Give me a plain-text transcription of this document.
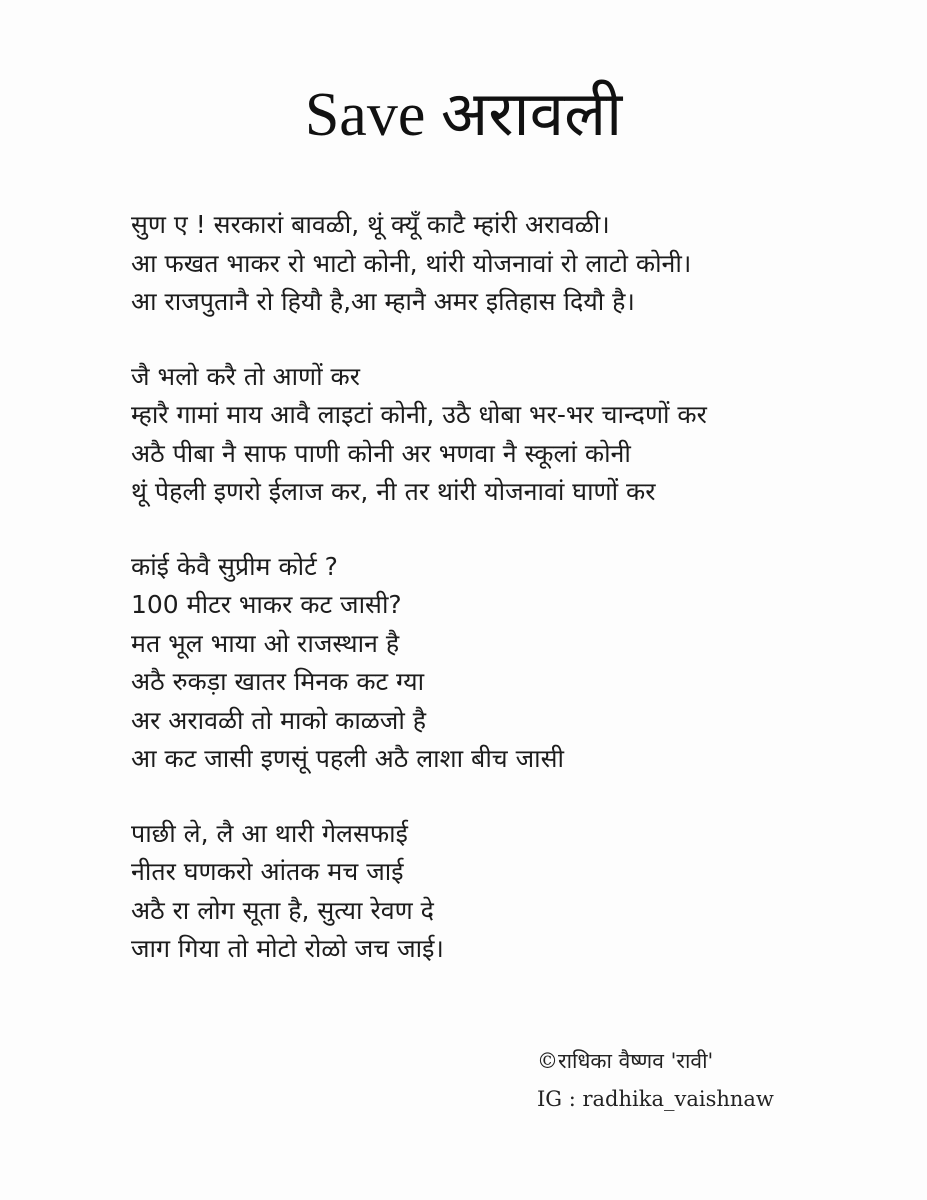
Save अरावली
सुण ए ! सरकारां बावळी, थूं क्यूँ काटै म्हांरी अरावळी।
आ फखत भाकर रो भाटो कोनी, थांरी योजनावां रो लाटो कोनी।
आ राजपुतानै रो हियौ है,आ म्हानै अमर इतिहास दियौ है।
जै भलो करै तो आणों कर
म्हारै गामां माय आवै लाइटां कोनी, उठै धोबा भर-भर चान्दणों कर
अठै पीबा नै साफ पाणी कोनी अर भणवा नै स्कूलां कोनी
थूं पेहली इणरो ईलाज कर, नी तर थांरी योजनावां घाणों कर
कांई केवै सुप्रीम कोर्ट ?
100 मीटर भाकर कट जासी?
मत भूल भाया ओ राजस्थान है
अठै रुकड़ा खातर मिनक कट ग्या
अर अरावळी तो माको काळजो है
आ कट जासी इणसूं पहली अठै लाशा बीच जासी
पाछी ले, लै आ थारी गेलसफाई
नीतर घणकरो आंतक मच जाई
अठै रा लोग सूता है, सुत्या रेवण दे
जाग गिया तो मोटो रोळो जच जाई।
©राधिका वैष्णव 'रावी'
IG : radhika_vaishnaw
